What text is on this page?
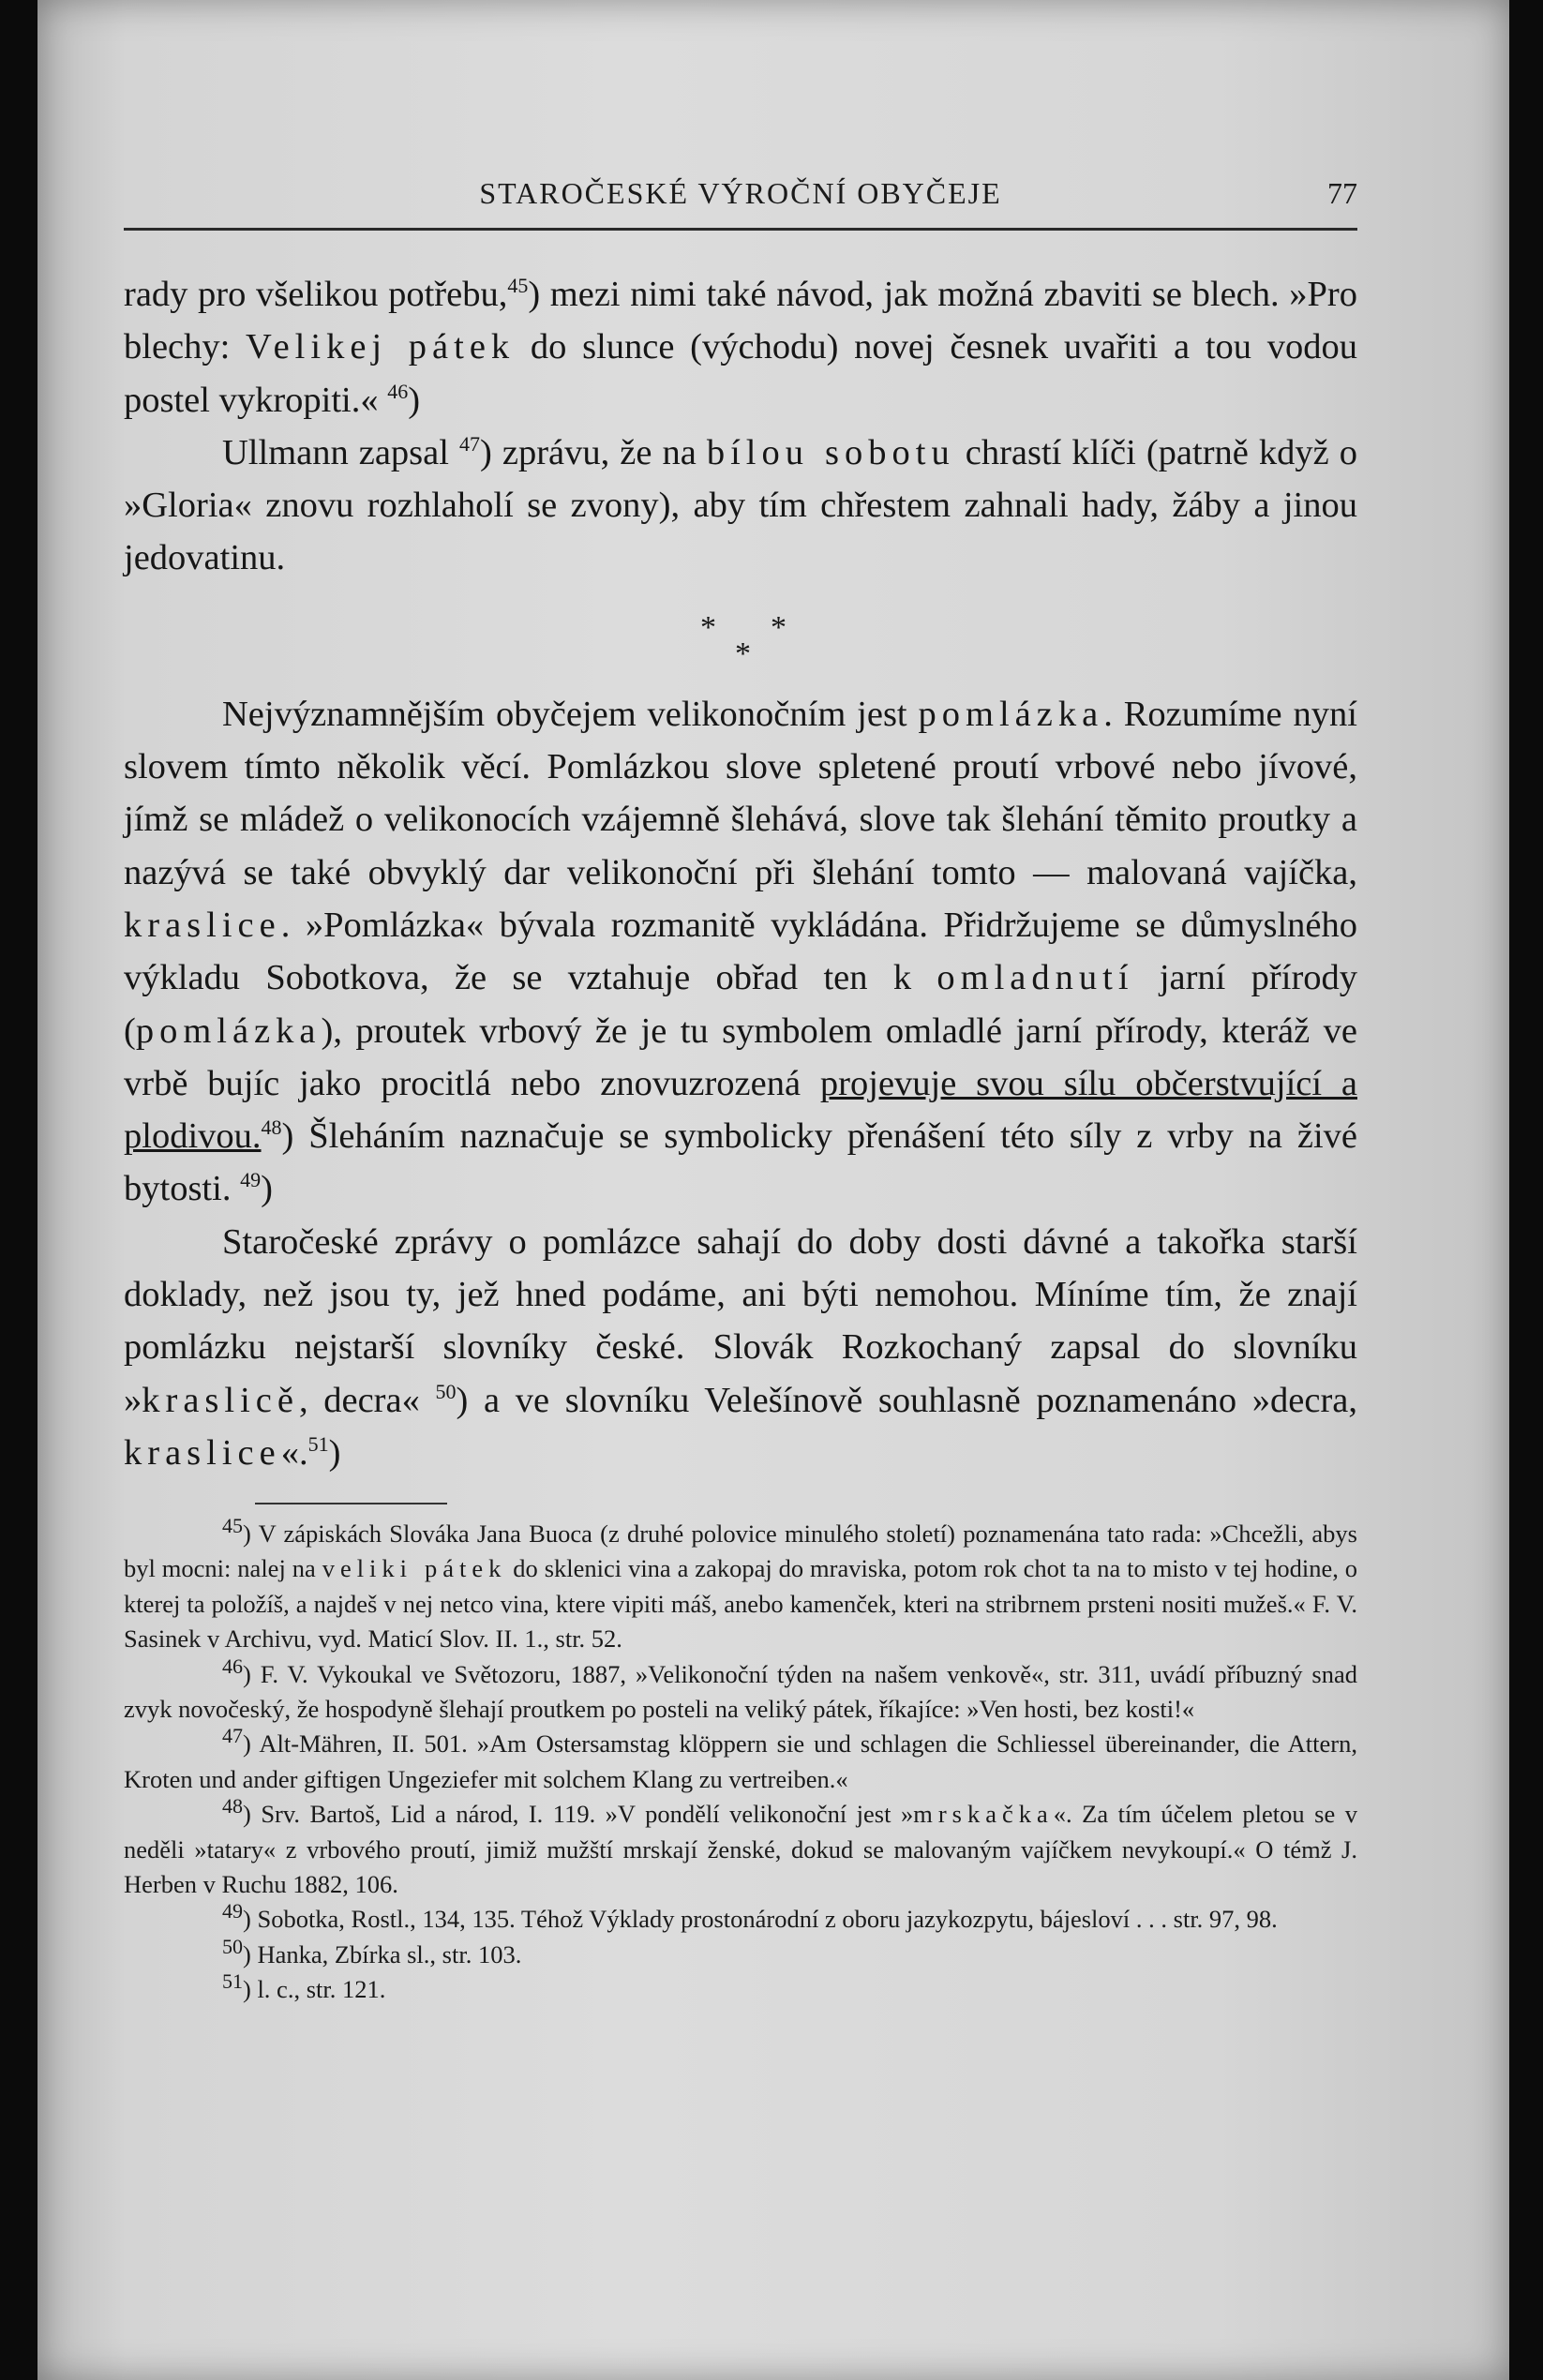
STAROČESKÉ VÝROČNÍ OBYČEJE	77

rady pro všelikou potřebu,$^{45}$) mezi nimi také návod, jak možná zbaviti se blech. »Pro blechy: Velikej pátek do slunce (východu) novej česnek uvařiti a tou vodou postel vykropiti.« $^{46}$)

Ullmann zapsal $^{47}$) zprávu, že na bílou sobotu chrastí klíči (patrně když o »Gloria« znovu rozhlaholí se zvony), aby tím chřestem zahnali hady, žáby a jinou jedovatinu.

* *
*

Nejvýznamnějším obyčejem velikonočním jest pomlázka. Rozumíme nyní slovem tímto několik věcí. Pomlázkou slove spletené proutí vrbové nebo jívové, jímž se mládež o velikonocích vzájemně šlehává, slove tak šlehání těmito proutky a nazývá se také obvyklý dar velikonoční při šlehání tomto — malovaná vajíčka, kraslice. »Pomlázka« bývala rozmanitě vykládána. Přidržujeme se důmyslného výkladu Sobotkova, že se vztahuje obřad ten k omladnutí jarní přírody (pomlázka), proutek vrbový že je tu symbolem omladlé jarní přírody, kteráž ve vrbě bujíc jako procitlá nebo znovuzrozená projevuje svou sílu občerstvující a plodivou.$^{48}$) Šleháním naznačuje se symbolicky přenášení této síly z vrby na živé bytosti. $^{49}$)

Staročeské zprávy o pomlázce sahají do doby dosti dávné a takořka starší doklady, než jsou ty, jež hned podáme, ani býti nemohou. Míníme tím, že znají pomlázku nejstarší slovníky české. Slovák Rozkochaný zapsal do slovníku »kraslicě, decra« $^{50}$) a ve slovníku Velešínově souhlasně poznamenáno »decra, kraslice«.$^{51}$)

$^{45}$) V zápiskách Slováka Jana Buoca (z druhé polovice minulého století) poznamenána tato rada: »Chcežli, abys byl mocni: nalej na veliki pátek do sklenici vina a zakopaj do mraviska, potom rok chot ta na to misto v tej hodine, o kterej ta položíš, a najdeš v nej netco vina, ktere vipiti máš, anebo kamenček, kteri na stribrnem prsteni nositi mužeš.« F. V. Sasinek v Archivu, vyd. Maticí Slov. II. 1., str. 52.

$^{46}$) F. V. Vykoukal ve Světozoru, 1887, »Velikonoční týden na našem venkově«, str. 311, uvádí příbuzný snad zvyk novočeský, že hospodyně šlehají proutkem po posteli na veliký pátek, říkajíce: »Ven hosti, bez kosti!«

$^{47}$) Alt-Mähren, II. 501. »Am Ostersamstag klöppern sie und schlagen die Schliessel übereinander, die Attern, Kroten und ander giftigen Ungeziefer mit solchem Klang zu vertreiben.«

$^{48}$) Srv. Bartoš, Lid a národ, I. 119. »V pondělí velikonoční jest »mrskačka«. Za tím účelem pletou se v neděli »tatary« z vrbového proutí, jimiž mužští mrskají ženské, dokud se malovaným vajíčkem nevykoupí.« O témž J. Herben v Ruchu 1882, 106.

$^{49}$) Sobotka, Rostl., 134, 135. Téhož Výklady prostonárodní z oboru jazykozpytu, bájesloví . . . str. 97, 98.

$^{50}$) Hanka, Zbírka sl., str. 103.

$^{51}$) l. c., str. 121.
